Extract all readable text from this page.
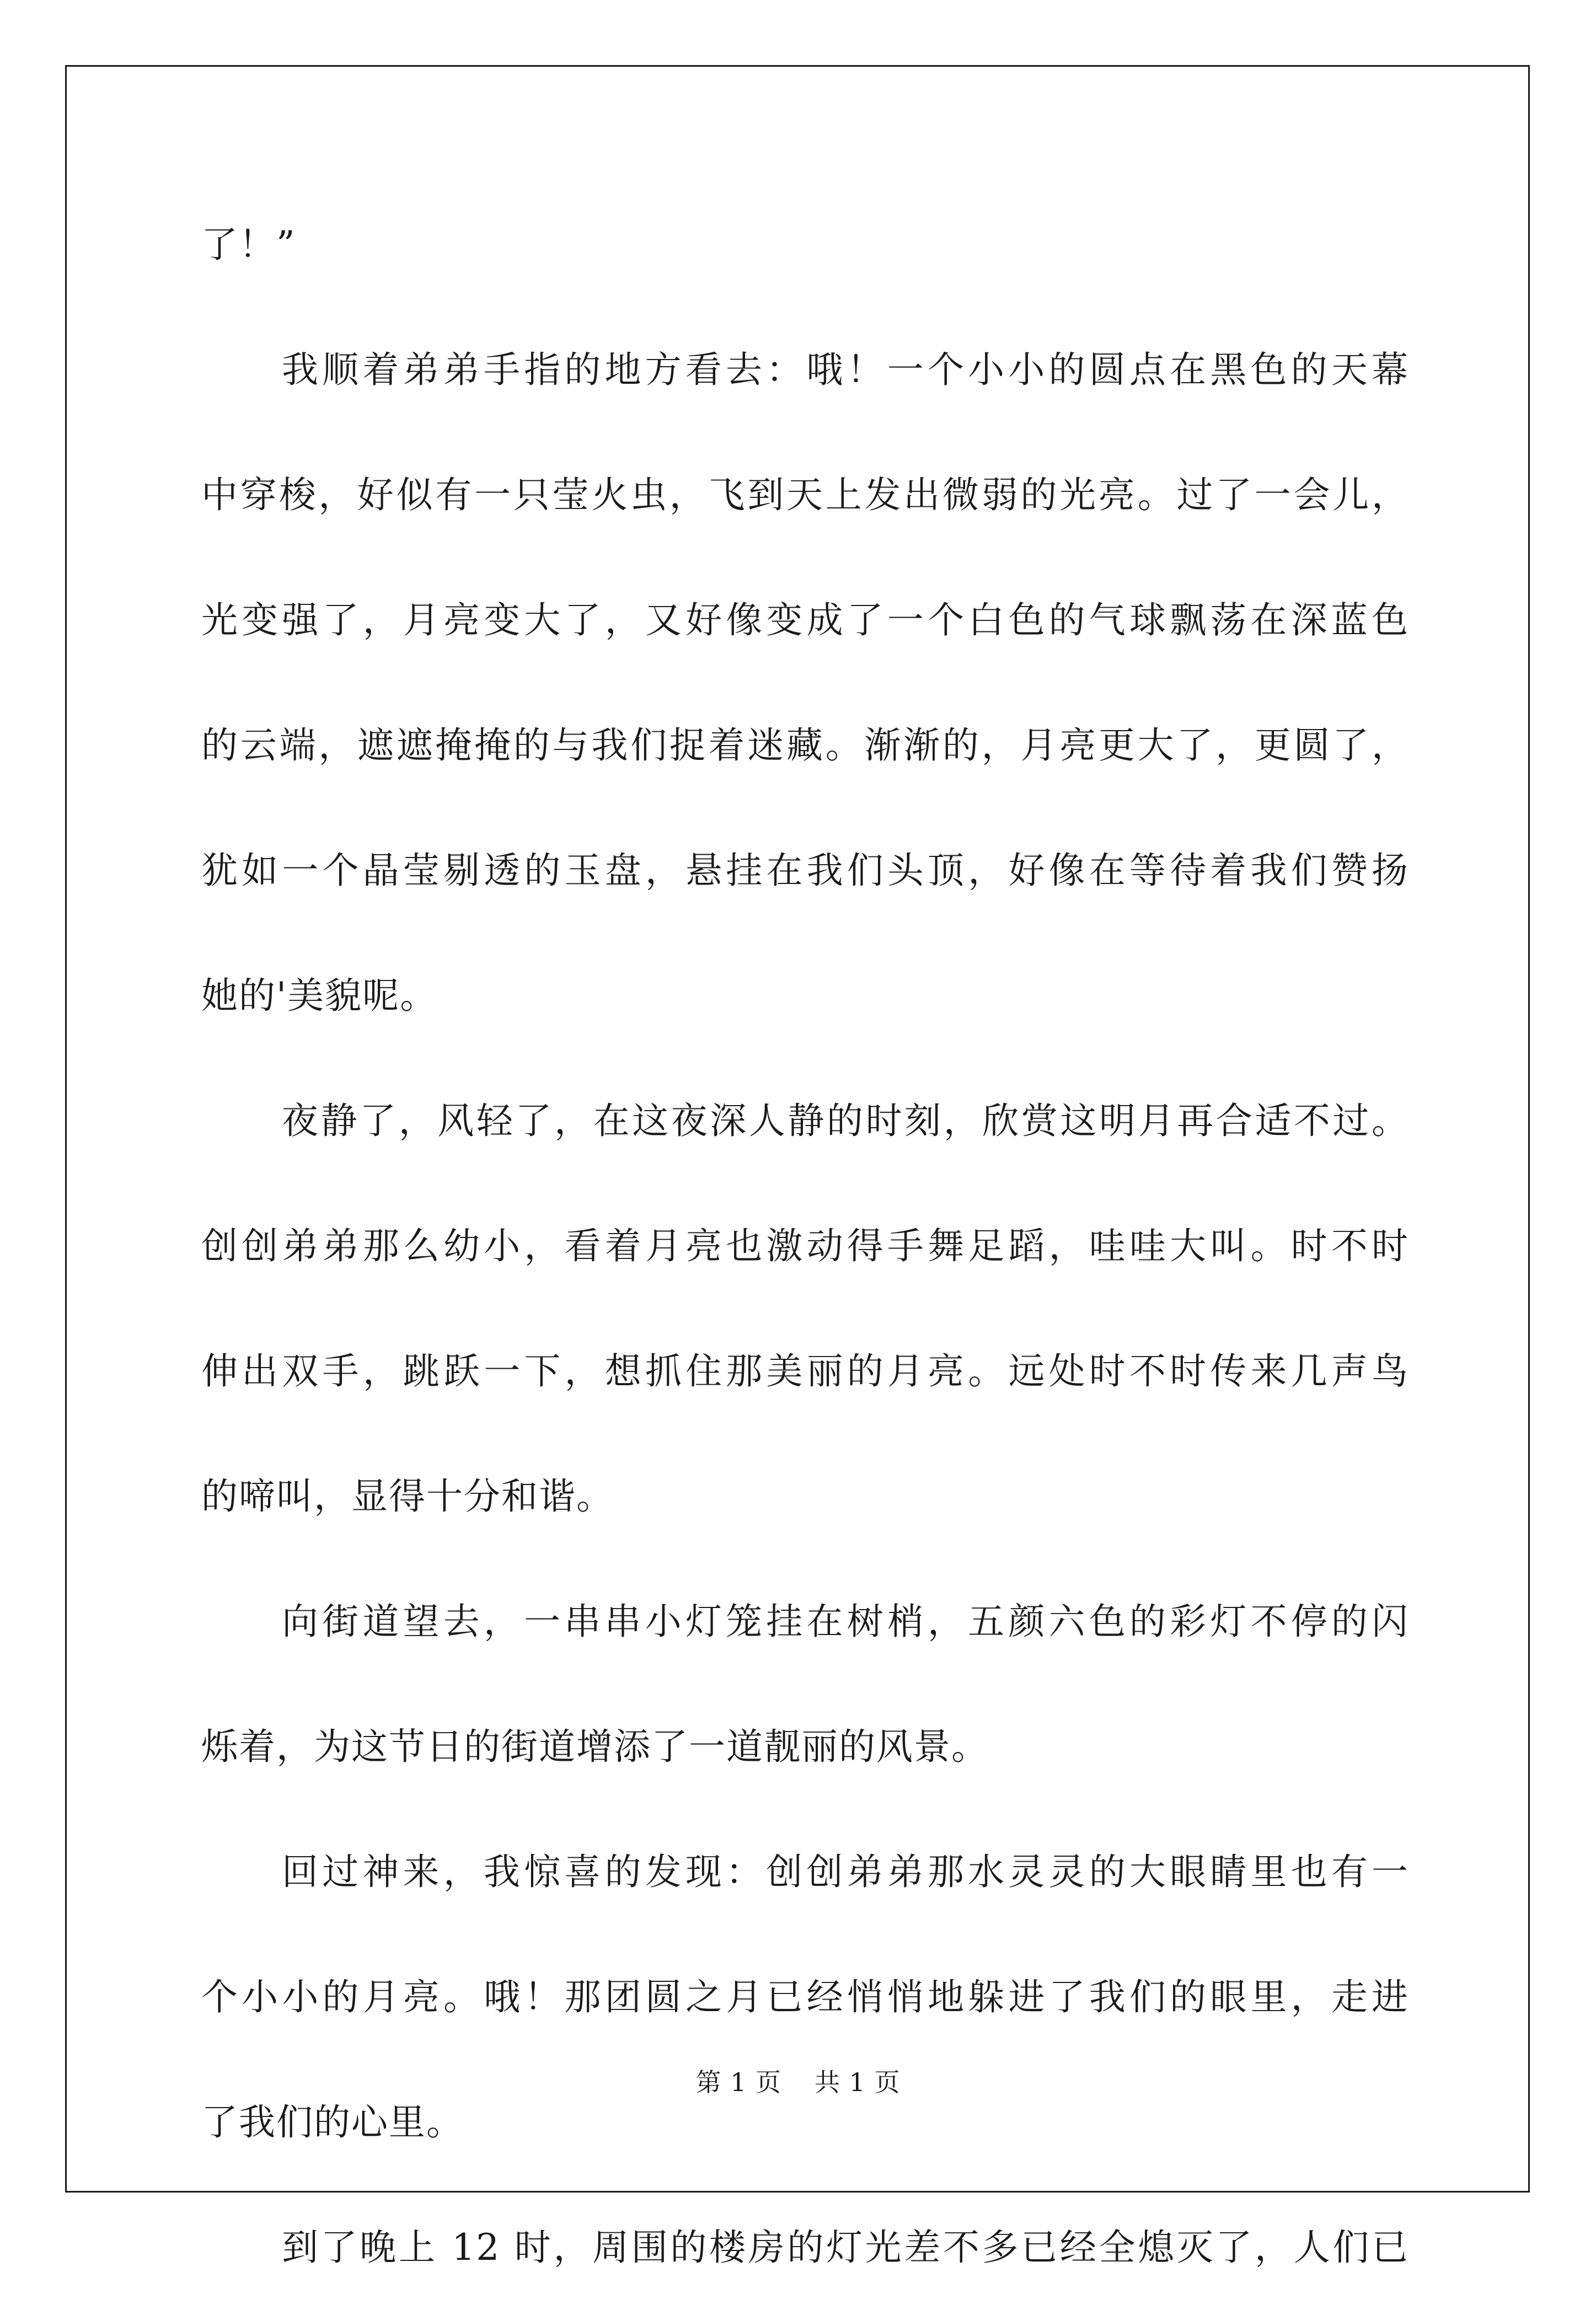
了！”
我顺着弟弟手指的地方看去：哦！一个小小的圆点在黑色的天幕
中穿梭，好似有一只莹火虫，飞到天上发出微弱的光亮。过了一会儿，
光变强了，月亮变大了，又好像变成了一个白色的气球飘荡在深蓝色
的云端，遮遮掩掩的与我们捉着迷藏。渐渐的，月亮更大了，更圆了，
犹如一个晶莹剔透的玉盘，悬挂在我们头顶，好像在等待着我们赞扬
她的'美貌呢。
夜静了，风轻了，在这夜深人静的时刻，欣赏这明月再合适不过。
创创弟弟那么幼小，看着月亮也激动得手舞足蹈，哇哇大叫。时不时
伸出双手，跳跃一下，想抓住那美丽的月亮。远处时不时传来几声鸟
的啼叫，显得十分和谐。
向街道望去，一串串小灯笼挂在树梢，五颜六色的彩灯不停的闪
烁着，为这节日的街道增添了一道靓丽的风景。
回过神来，我惊喜的发现：创创弟弟那水灵灵的大眼睛里也有一
个小小的月亮。哦！那团圆之月已经悄悄地躲进了我们的眼里，走进
了我们的心里。
到了晚上 12 时，周围的楼房的灯光差不多已经全熄灭了，人们已
第 1 页 共 1 页
